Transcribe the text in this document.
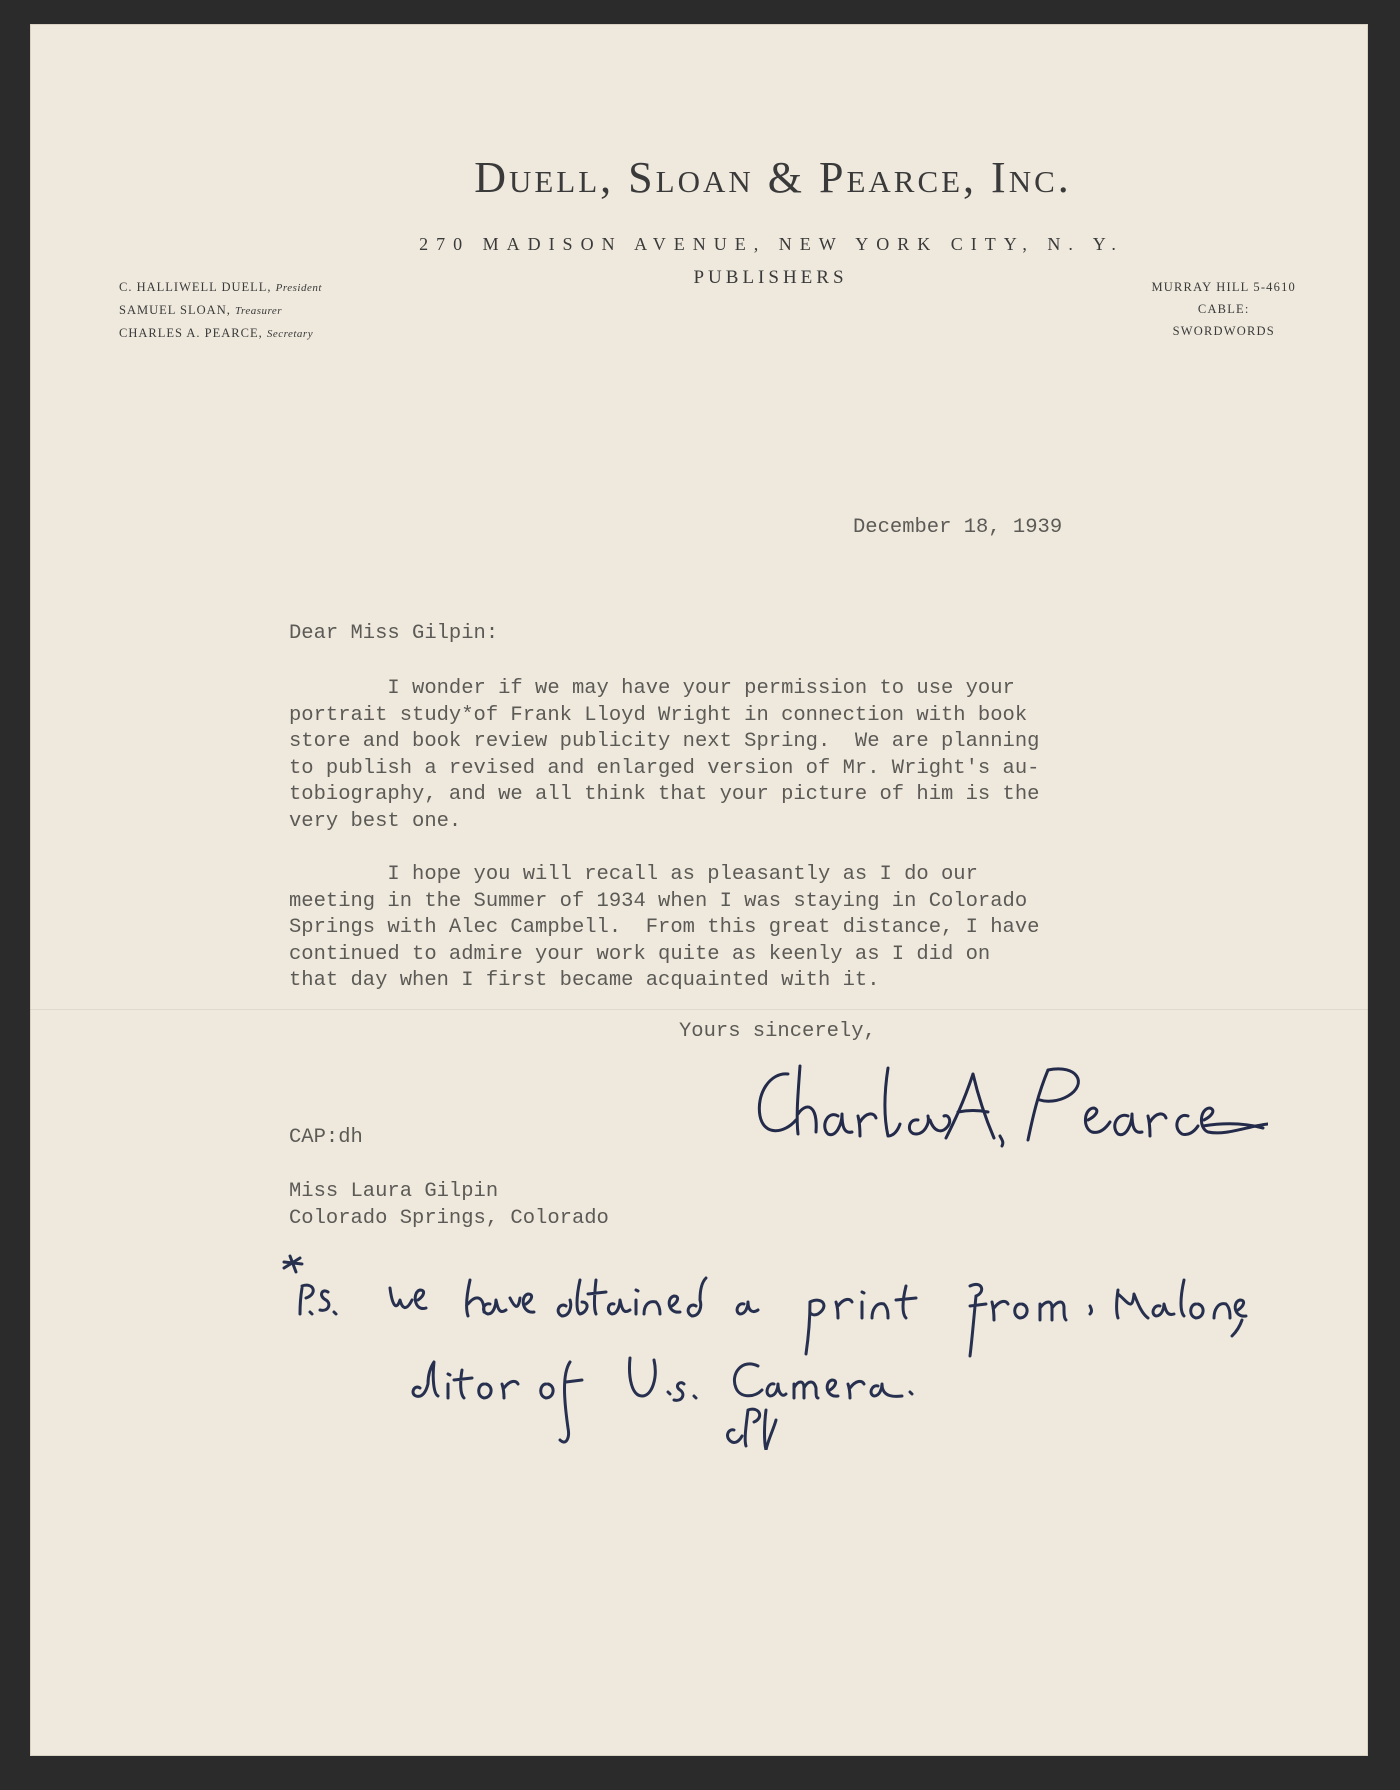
Duell, Sloan & Pearce, Inc.
270 MADISON AVENUE, NEW YORK CITY, N. Y.
PUBLISHERS
C. HALLIWELL DUELL, President
SAMUEL SLOAN, Treasurer
CHARLES A. PEARCE, Secretary
MURRAY HILL 5-4610
CABLE:
SWORDWORDS
December 18, 1939
Dear Miss Gilpin:
I wonder if we may have your permission to use your
portrait study*of Frank Lloyd Wright in connection with book
store and book review publicity next Spring.  We are planning
to publish a revised and enlarged version of Mr. Wright's au-
tobiography, and we all think that your picture of him is the
very best one.
I hope you will recall as pleasantly as I do our
meeting in the Summer of 1934 when I was staying in Colorado
Springs with Alec Campbell.  From this great distance, I have
continued to admire your work quite as keenly as I did on
that day when I first became acquainted with it.
Yours sincerely,
CAP:dh
Miss Laura Gilpin
Colorado Springs, Colorado
